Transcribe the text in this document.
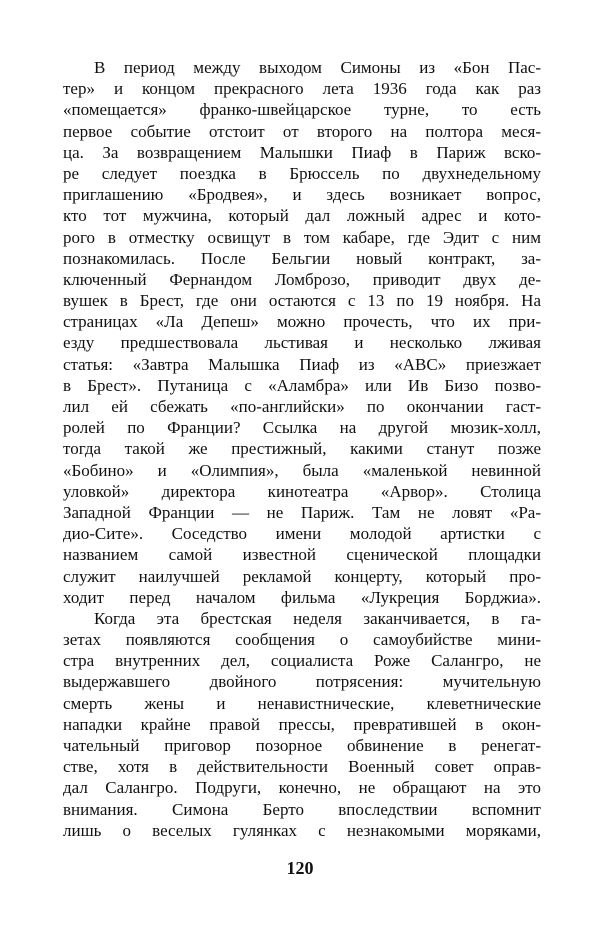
В период между выходом Симоны из «Бон Пас-
тер» и концом прекрасного лета 1936 года как раз
«помещается» франко-швейцарское турне, то есть
первое событие отстоит от второго на полтора меся-
ца. За возвращением Малышки Пиаф в Париж вско-
ре следует поездка в Брюссель по двухнедельному
приглашению «Бродвея», и здесь возникает вопрос,
кто тот мужчина, который дал ложный адрес и кото-
рого в отместку освищут в том кабаре, где Эдит с ним
познакомилась. После Бельгии новый контракт, за-
ключенный Фернандом Ломброзо, приводит двух де-
вушек в Брест, где они остаются с 13 по 19 ноября. На
страницах «Ла Депеш» можно прочесть, что их при-
езду предшествовала льстивая и несколько лживая
статья: «Завтра Малышка Пиаф из «АВС» приезжает
в Брест». Путаница с «Аламбра» или Ив Бизо позво-
лил ей сбежать «по-английски» по окончании гаст-
ролей по Франции? Ссылка на другой мюзик-холл,
тогда такой же престижный, какими станут позже
«Бобино» и «Олимпия», была «маленькой невинной
уловкой» директора кинотеатра «Арвор». Столица
Западной Франции — не Париж. Там не ловят «Ра-
дио-Сите». Соседство имени молодой артистки с
названием самой известной сценической площадки
служит наилучшей рекламой концерту, который про-
ходит перед началом фильма «Лукреция Борджиа».
Когда эта брестская неделя заканчивается, в га-
зетах появляются сообщения о самоубийстве мини-
стра внутренних дел, социалиста Роже Салангро, не
выдержавшего двойного потрясения: мучительную
смерть жены и ненавистнические, клеветнические
нападки крайне правой прессы, превратившей в окон-
чательный приговор позорное обвинение в ренегат-
стве, хотя в действительности Военный совет оправ-
дал Салангро. Подруги, конечно, не обращают на это
внимания. Симона Берто впоследствии вспомнит
лишь о веселых гулянках с незнакомыми моряками,
120
